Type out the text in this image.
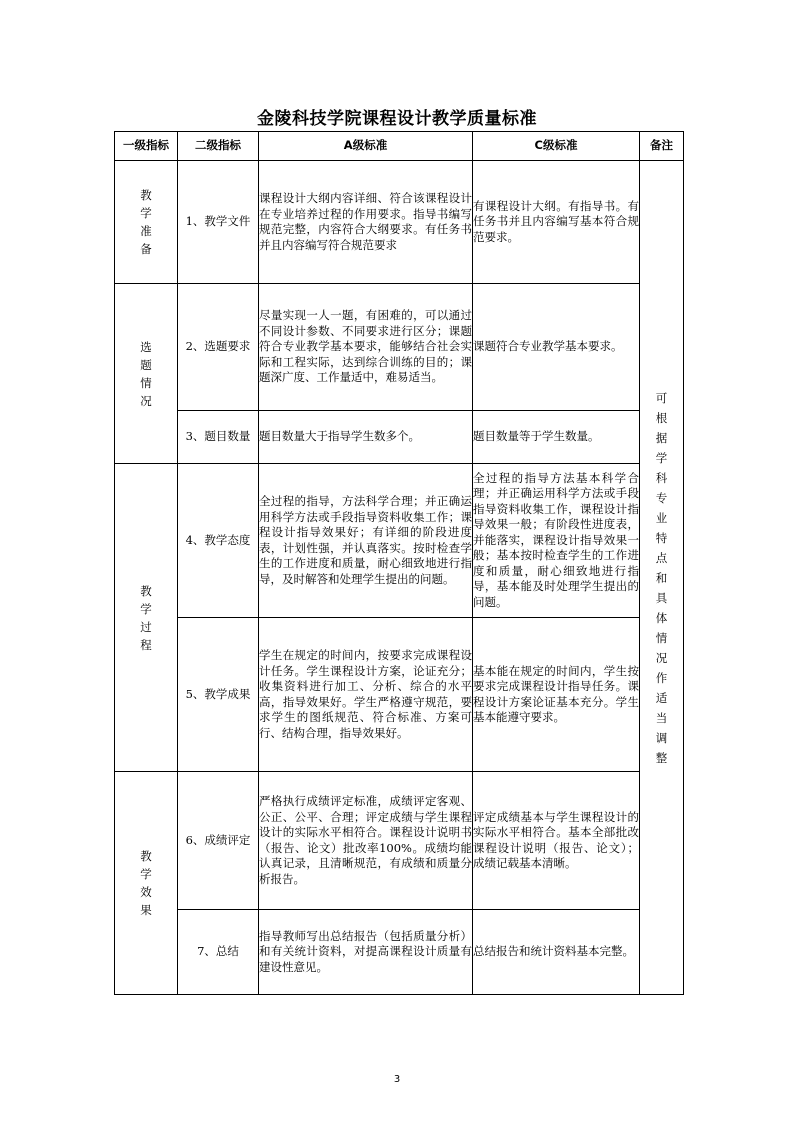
金陵科技学院课程设计教学质量标准
一级指标	二级指标	A级标准	C级标准	备注
教学准备	1、教学文件	课程设计大纲内容详细、符合该课程设计在专业培养过程的作用要求。指导书编写规范完整，内容符合大纲要求。有任务书并且内容编写符合规范要求	有课程设计大纲。有指导书。有任务书并且内容编写基本符合规范要求。	可根据学科专业特点和具体情况作适当调整
选题情况	2、选题要求	尽量实现一人一题，有困难的，可以通过不同设计参数、不同要求进行区分；课题符合专业教学基本要求，能够结合社会实际和工程实际，达到综合训练的目的；课题深广度、工作量适中，难易适当。	课题符合专业教学基本要求。	
	3、题目数量	题目数量大于指导学生数多个。	题目数量等于学生数量。	
教学过程	4、教学态度	全过程的指导，方法科学合理；并正确运用科学方法或手段指导资料收集工作；课程设计指导效果好；有详细的阶段进度表，计划性强，并认真落实。按时检查学生的工作进度和质量，耐心细致地进行指导，及时解答和处理学生提出的问题。	全过程的指导方法基本科学合理；并正确运用科学方法或手段指导资料收集工作，课程设计指导效果一般；有阶段性进度表，并能落实，课程设计指导效果一般；基本按时检查学生的工作进度和质量，耐心细致地进行指导，基本能及时处理学生提出的问题。	
	5、教学成果	学生在规定的时间内，按要求完成课程设计任务。学生课程设计方案，论证充分；收集资料进行加工、分析、综合的水平高，指导效果好。学生严格遵守规范，要求学生的图纸规范、符合标准、方案可行、结构合理，指导效果好。	基本能在规定的时间内，学生按要求完成课程设计指导任务。课程设计方案论证基本充分。学生基本能遵守要求。	
教学效果	6、成绩评定	严格执行成绩评定标准，成绩评定客观、公正、公平、合理；评定成绩与学生课程设计的实际水平相符合。课程设计说明书（报告、论文）批改率100%。成绩均能认真记录，且清晰规范，有成绩和质量分析报告。	评定成绩基本与学生课程设计的实际水平相符合。基本全部批改课程设计说明（报告、论文）；成绩记载基本清晰。	
	7、总结	指导教师写出总结报告（包括质量分析）和有关统计资料，对提高课程设计质量有建设性意见。	总结报告和统计资料基本完整。	
3
